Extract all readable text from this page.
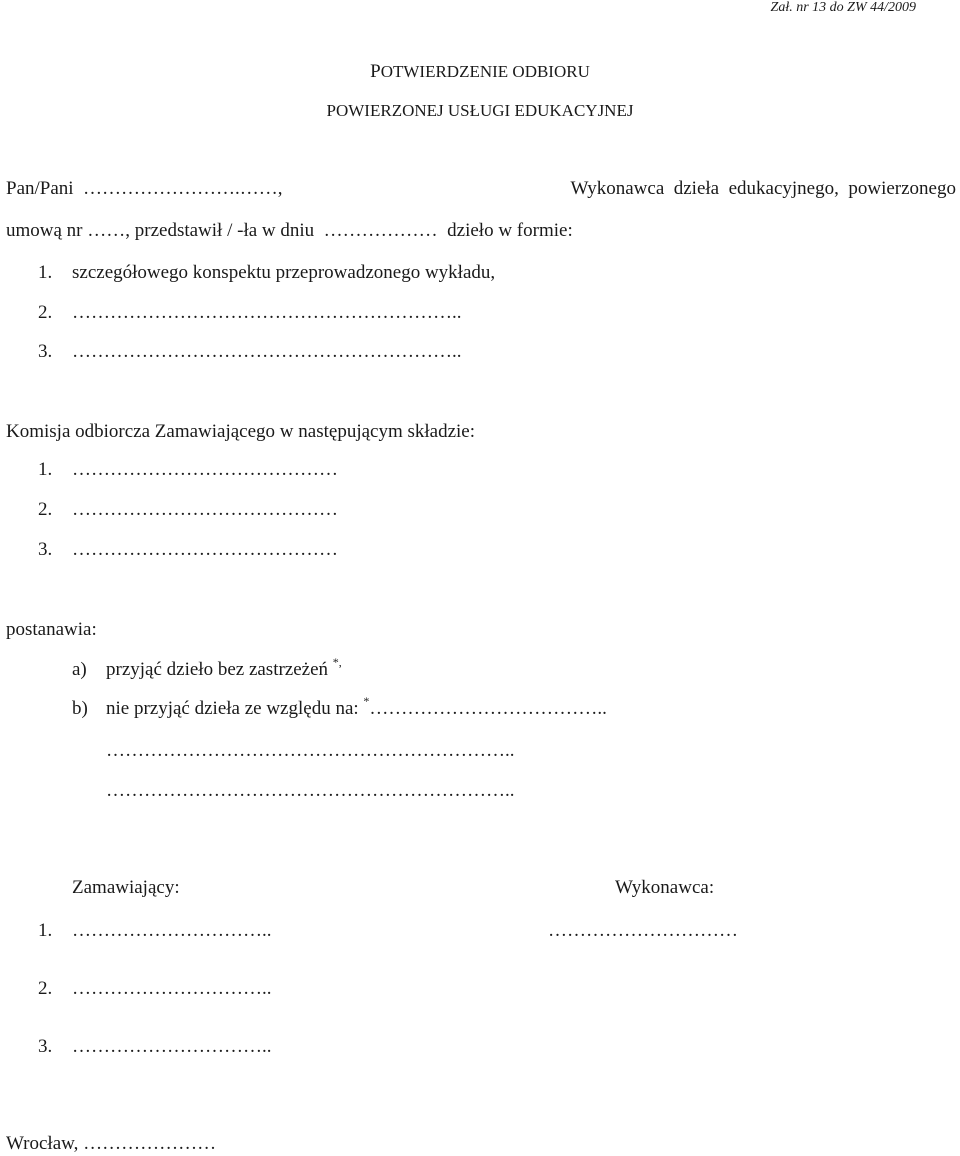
Zał. nr 13 do ZW 44/2009
POTWIERDZENIE ODBIORU
POWIERZONEJ USŁUGI EDUKACYJNEJ
Pan/Pani  …………………….……,	Wykonawca  dzieła  edukacyjnego,  powierzonego
umową nr ……, przedstawił / -ła w dniu  ………………  dzieło w formie:
1. szczegółowego konspektu przeprowadzonego wykładu,
2. ……………………………………………………..
3. ……………………………………………………..
Komisja odbiorcza Zamawiającego w następującym składzie:
1. ……………………………………
2. ……………………………………
3. ……………………………………
postanawia:
a) przyjąć dzieło bez zastrzeżeń *,
b) nie przyjąć dzieła ze względu na: *………………………………..
………………………………………………………..
………………………………………………………..
Zamawiający:	Wykonawca:
1. …………………………..	…………………………
2. …………………………..
3. …………………………..
Wrocław, …………………
